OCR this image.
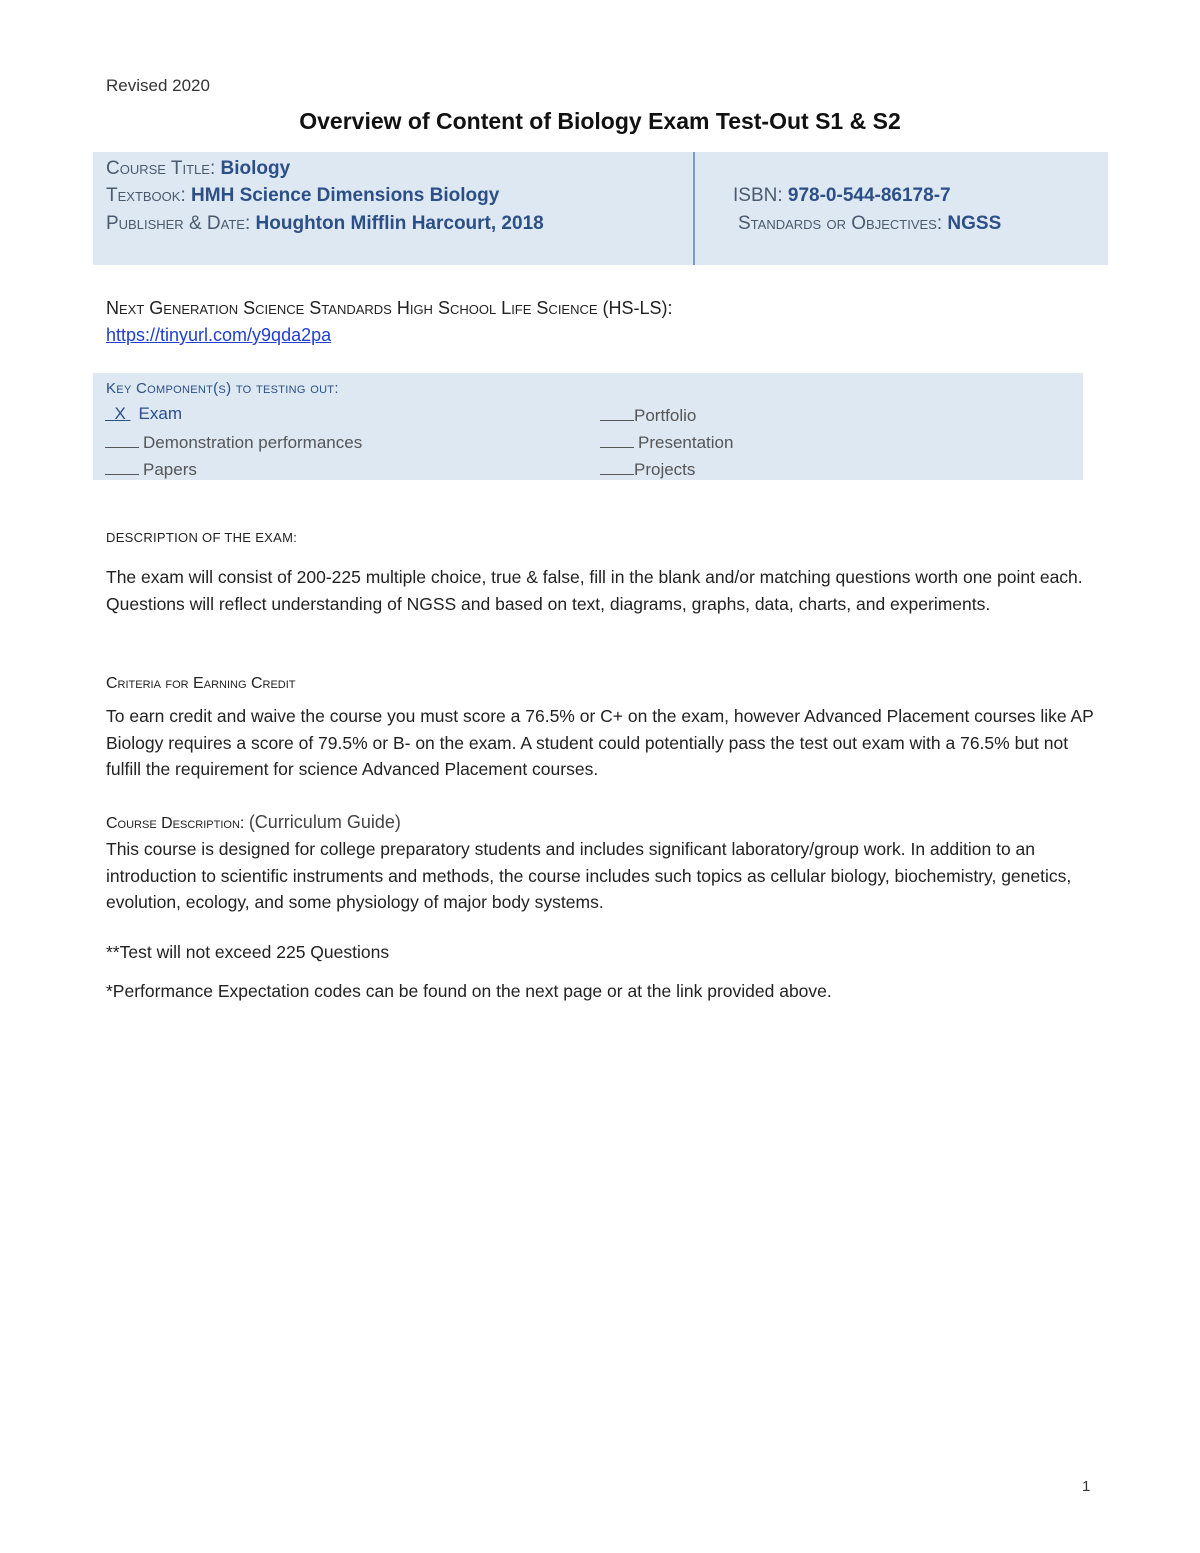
Revised 2020
Overview of Content of Biology Exam Test-Out S1 & S2
Course Title: Biology
Textbook: HMH Science Dimensions Biology
Publisher & Date: Houghton Mifflin Harcourt, 2018
ISBN: 978-0-544-86178-7
Standards or Objectives: NGSS
Next Generation Science Standards High School Life Science (HS-LS):
https://tinyurl.com/y9qda2pa
Key Component(s) to testing out:
X Exam
Demonstration performances
Papers
Portfolio
Presentation
Projects
DESCRIPTION OF THE EXAM:
The exam will consist of 200-225 multiple choice, true & false, fill in the blank and/or matching questions worth one point each. Questions will reflect understanding of NGSS and based on text, diagrams, graphs, data, charts, and experiments.
Criteria for Earning Credit
To earn credit and waive the course you must score a 76.5% or C+ on the exam, however Advanced Placement courses like AP Biology requires a score of 79.5% or B- on the exam. A student could potentially pass the test out exam with a 76.5% but not fulfill the requirement for science Advanced Placement courses.
Course Description: (Curriculum Guide)
This course is designed for college preparatory students and includes significant laboratory/group work. In addition to an introduction to scientific instruments and methods, the course includes such topics as cellular biology, biochemistry, genetics, evolution, ecology, and some physiology of major body systems.
**Test will not exceed 225 Questions
*Performance Expectation codes can be found on the next page or at the link provided above.
1
